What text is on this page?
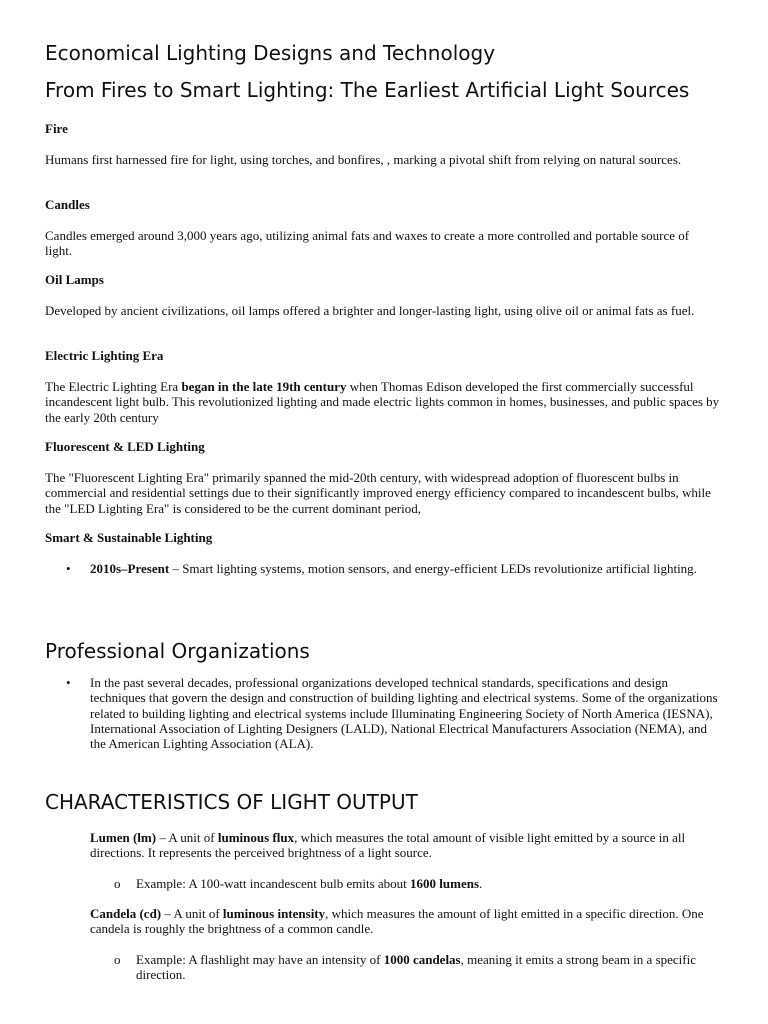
Economical Lighting Designs and Technology
From Fires to Smart Lighting: The Earliest Artificial Light Sources
Fire
Humans first harnessed fire for light, using torches, and bonfires, , marking a pivotal shift from relying on natural sources.
Candles
Candles emerged around 3,000 years ago, utilizing animal fats and waxes to create a more controlled and portable source of light.
Oil Lamps
Developed by ancient civilizations, oil lamps offered a brighter and longer-lasting light, using olive oil or animal fats as fuel.
Electric Lighting Era
The Electric Lighting Era began in the late 19th century when Thomas Edison developed the first commercially successful incandescent light bulb. This revolutionized lighting and made electric lights common in homes, businesses, and public spaces by the early 20th century
Fluorescent & LED Lighting
The "Fluorescent Lighting Era" primarily spanned the mid-20th century, with widespread adoption of fluorescent bulbs in commercial and residential settings due to their significantly improved energy efficiency compared to incandescent bulbs, while the "LED Lighting Era" is considered to be the current dominant period,
Smart & Sustainable Lighting
• 2010s–Present – Smart lighting systems, motion sensors, and energy-efficient LEDs revolutionize artificial lighting.
Professional Organizations
• In the past several decades, professional organizations developed technical standards, specifications and design techniques that govern the design and construction of building lighting and electrical systems. Some of the organizations related to building lighting and electrical systems include Illuminating Engineering Society of North America (IESNA), International Association of Lighting Designers (LALD), National Electrical Manufacturers Association (NEMA), and the American Lighting Association (ALA).
CHARACTERISTICS OF LIGHT OUTPUT
Lumen (lm) – A unit of luminous flux, which measures the total amount of visible light emitted by a source in all directions. It represents the perceived brightness of a light source.
o Example: A 100-watt incandescent bulb emits about 1600 lumens.
Candela (cd) – A unit of luminous intensity, which measures the amount of light emitted in a specific direction. One candela is roughly the brightness of a common candle.
o Example: A flashlight may have an intensity of 1000 candelas, meaning it emits a strong beam in a specific direction.
